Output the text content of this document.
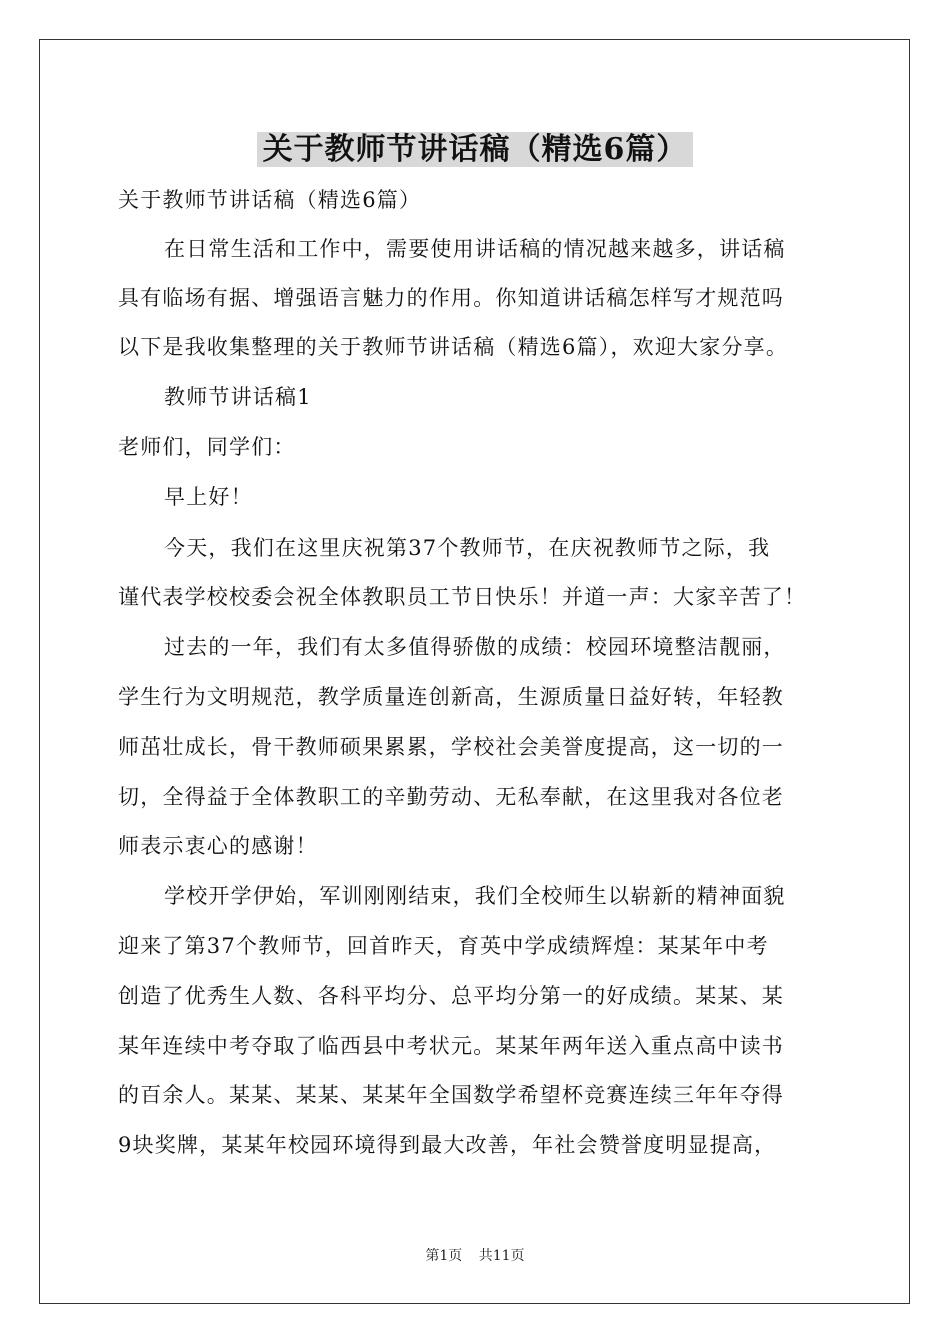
关于教师节讲话稿（精选6篇）
关于教师节讲话稿（精选6篇）
在日常生活和工作中，需要使用讲话稿的情况越来越多，讲话稿
具有临场有据、增强语言魅力的作用。你知道讲话稿怎样写才规范吗
以下是我收集整理的关于教师节讲话稿（精选6篇），欢迎大家分享。
教师节讲话稿1
老师们，同学们：
早上好！
今天，我们在这里庆祝第37个教师节，在庆祝教师节之际，我
谨代表学校校委会祝全体教职员工节日快乐！并道一声：大家辛苦了！
过去的一年，我们有太多值得骄傲的成绩：校园环境整洁靓丽，
学生行为文明规范，教学质量连创新高，生源质量日益好转，年轻教
师茁壮成长，骨干教师硕果累累，学校社会美誉度提高，这一切的一
切，全得益于全体教职工的辛勤劳动、无私奉献，在这里我对各位老
师表示衷心的感谢！
学校开学伊始，军训刚刚结束，我们全校师生以崭新的精神面貌
迎来了第37个教师节，回首昨天，育英中学成绩辉煌：某某年中考
创造了优秀生人数、各科平均分、总平均分第一的好成绩。某某、某
某年连续中考夺取了临西县中考状元。某某年两年送入重点高中读书
的百余人。某某、某某、某某年全国数学希望杯竞赛连续三年年夺得
9块奖牌，某某年校园环境得到最大改善，年社会赞誉度明显提高，
第1页 共11页
